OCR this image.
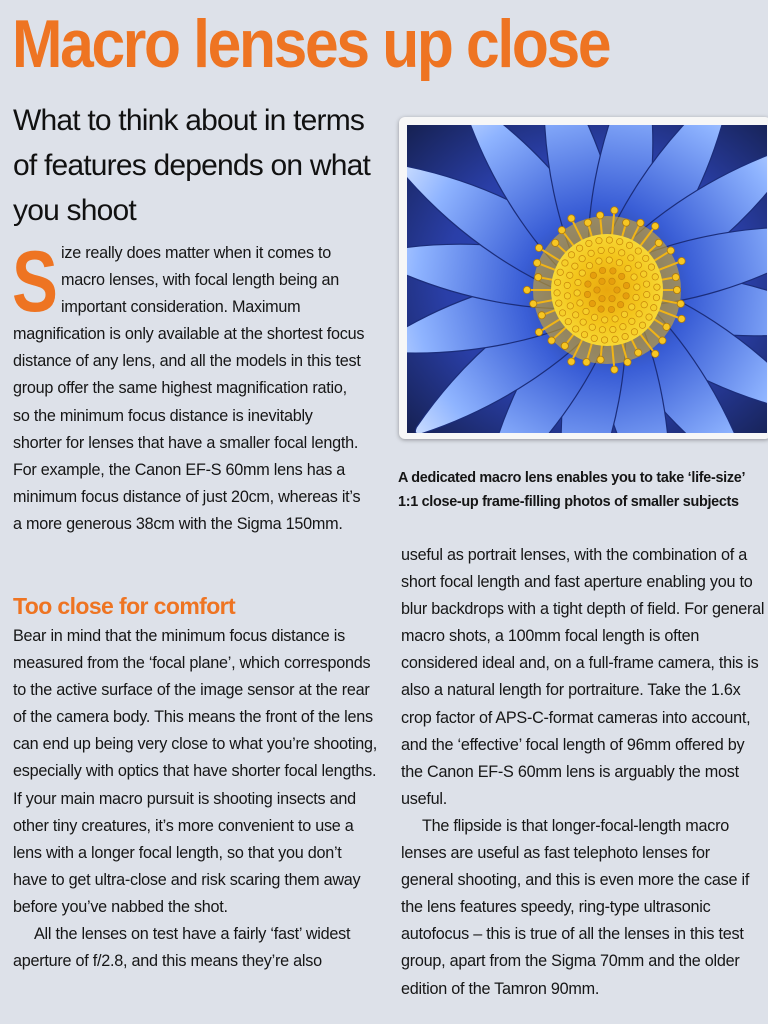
Macro lenses up close
What to think about in terms of features depends on what you shoot

Size really does matter when it comes to macro lenses, with focal length being an important consideration. Maximum magnification is only available at the shortest focus distance of any lens, and all the models in this test group offer the same highest magnification ratio, so the minimum focus distance is inevitably shorter for lenses that have a smaller focal length. For example, the Canon EF-S 60mm lens has a minimum focus distance of just 20cm, whereas it’s a more generous 38cm with the Sigma 150mm.

Too close for comfort

Bear in mind that the minimum focus distance is measured from the ‘focal plane’, which corresponds to the active surface of the image sensor at the rear of the camera body. This means the front of the lens can end up being very close to what you’re shooting, especially with optics that have shorter focal lengths. If your main macro pursuit is shooting insects and other tiny creatures, it’s more convenient to use a lens with a longer focal length, so that you don’t have to get ultra-close and risk scaring them away before you’ve nabbed the shot.

All the lenses on test have a fairly ‘fast’ widest aperture of f/2.8, and this means they’re also

A dedicated macro lens enables you to take ‘life-size’ 1:1 close-up frame-filling photos of smaller subjects

useful as portrait lenses, with the combination of a short focal length and fast aperture enabling you to blur backdrops with a tight depth of field. For general macro shots, a 100mm focal length is often considered ideal and, on a full-frame camera, this is also a natural length for portraiture. Take the 1.6x crop factor of APS-C-format cameras into account, and the ‘effective’ focal length of 96mm offered by the Canon EF-S 60mm lens is arguably the most useful.

The flipside is that longer-focal-length macro lenses are useful as fast telephoto lenses for general shooting, and this is even more the case if the lens features speedy, ring-type ultrasonic autofocus – this is true of all the lenses in this test group, apart from the Sigma 70mm and the older edition of the Tamron 90mm.
